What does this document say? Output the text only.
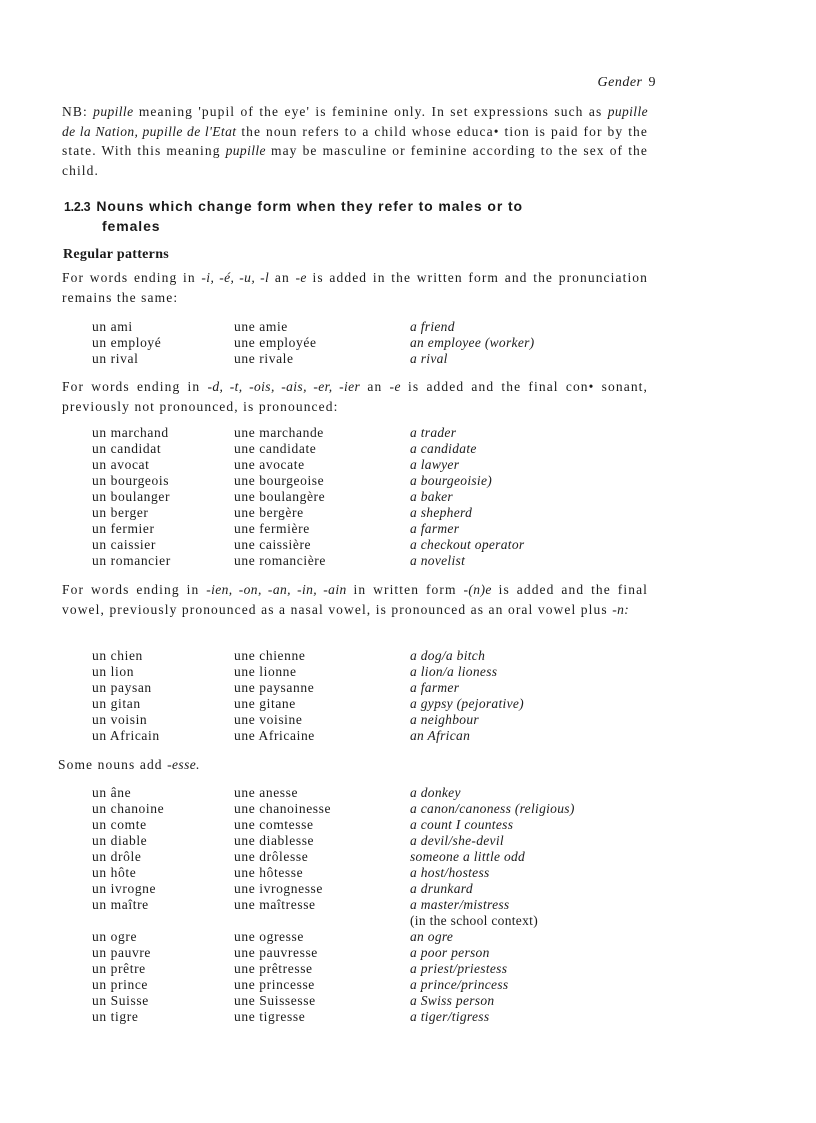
Gender 9

NB: pupille meaning 'pupil of the eye' is feminine only. In set expressions such as pupille de la Nation, pupille de l'Etat the noun refers to a child whose educa• tion is paid for by the state. With this meaning pupille may be masculine or feminine according to the sex of the child.

1.2.3 Nouns which change form when they refer to males or to
females
Regular patterns

For words ending in -i, -é, -u, -l an -e is added in the written form and the pronunciation remains the same:

un ami	une amie	a friend
un employé	une employée	an employee (worker)
un rival	une rivale	a rival

For words ending in -d, -t, -ois, -ais, -er, -ier an -e is added and the final con• sonant, previously not pronounced, is pronounced:

un marchand	une marchande	a trader
un candidat	une candidate	a candidate
un avocat	une avocate	a lawyer
un bourgeois	une bourgeoise	a bourgeoisie)
un boulanger	une boulangère	a baker
un berger	une bergère	a shepherd
un fermier	une fermière	a farmer
un caissier	une caissière	a checkout operator
un romancier	une romancière	a novelist

For words ending in -ien, -on, -an, -in, -ain in written form -(n)e is added and the final vowel, previously pronounced as a nasal vowel, is pronounced as an oral vowel plus -n:

un chien	une chienne	a dog/a bitch
un lion	une lionne	a lion/a lioness
un paysan	une paysanne	a farmer
un gitan	une gitane	a gypsy (pejorative)
un voisin	une voisine	a neighbour
un Africain	une Africaine	an African

Some nouns add -esse.

un âne	une anesse	a donkey
un chanoine	une chanoinesse	a canon/canoness (religious)
un comte	une comtesse	a count I countess
un diable	une diablesse	a devil/she-devil
un drôle	une drôlesse	someone a little odd
un hôte	une hôtesse	a host/hostess
un ivrogne	une ivrognesse	a drunkard
un maître	une maîtresse	a master/mistress
(in the school context)
un ogre	une ogresse	an ogre
un pauvre	une pauvresse	a poor person
un prêtre	une prêtresse	a priest/priestess
un prince	une princesse	a prince/princess
un Suisse	une Suissesse	a Swiss person
un tigre	une tigresse	a tiger/tigress
